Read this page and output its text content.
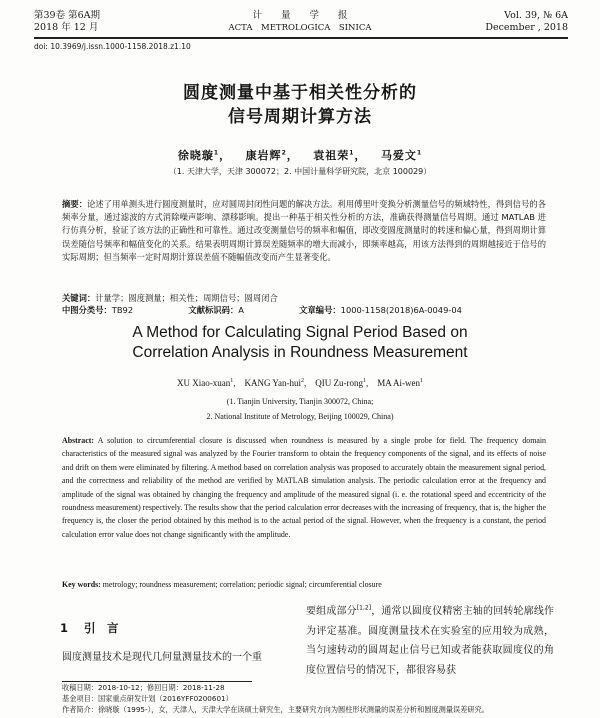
第39卷 第6A期
2018 年 12 月
计　　量　　学　　报
ACTA　METROLOGICA　SINICA
Vol. 39, № 6A
December , 2018
doi: 10.3969/j.issn.1000-1158.2018.z1.10
圆度测量中基于相关性分析的
信号周期计算方法
徐晓璇$^1$， 康岩辉$^2$， 袁祖荣$^1$， 马爱文$^1$
（1. 天津大学，天津 300072；2. 中国计量科学研究院，北京 100029）
摘要：论述了用单测头进行圆度测量时，应对圆周封闭性问题的解决方法。利用傅里叶变换分析测量信号的频域特性，得到信号的各频率分量，通过滤波的方式消除噪声影响、漂移影响。提出一种基于相关性分析的方法，准确获得测量信号周期。通过 MATLAB 进行仿真分析，验证了该方法的正确性和可靠性。通过改变测量信号的频率和幅值，即改变圆度测量时的转速和偏心量，得到周期计算误差随信号频率和幅值变化的关系。结果表明周期计算误差随频率的增大而减小，即频率越高，用该方法得到的周期越接近于信号的实际周期；但当频率一定时周期计算误差值不随幅值改变而产生显著变化。
关键词：计量学；圆度测量；相关性；周期信号；圆周闭合
中图分类号：TB92	文献标识码：A	文章编号：1000-1158(2018)6A-0049-04
A Method for Calculating Signal Period Based on
Correlation Analysis in Roundness Measurement
XU Xiao-xuan$^1$, KANG Yan-hui$^2$, QIU Zu-rong$^1$, MA Ai-wen$^1$
(1. Tianjin University, Tianjin 300072, China;
2. National Institute of Metrology, Beijing 100029, China)
Abstract: A solution to circumferential closure is discussed when roundness is measured by a single probe for field. The frequency domain characteristics of the measured signal was analyzed by the Fourier transform to obtain the frequency components of the signal, and its effects of noise and drift on them were eliminated by filtering. A method based on correlation analysis was proposed to accurately obtain the measurement signal period, and the correctness and reliability of the method are verified by MATLAB simulation analysis. The periodic calculation error at the frequency and amplitude of the signal was obtained by changing the frequency and amplitude of the measured signal (i. e. the rotational speed and eccentricity of the roundness measurement) respectively. The results show that the period calculation error decreases with the increasing of frequency, that is, the higher the frequency is, the closer the period obtained by this method is to the actual period of the signal. However, when the frequency is a constant, the period calculation error value does not change significantly with the amplitude.
Key words: metrology; roundness measurement; correlation; periodic signal; circumferential closure
1 引　言
圆度测量技术是现代几何量测量技术的一个重
要组成部分[1,2]，通常以圆度仪精密主轴的回转轮廓线作为评定基准。圆度测量技术在实验室的应用较为成熟，当匀速转动的圆周起止信号已知或者能获取圆度仪的角度位置信号的情况下，都很容易获
收稿日期：2018-10-12；修回日期：2018-11-28
基金项目：国家重点研发计划（2016YFF0200601）
作者简介：徐晓璇（1995-），女，天津人，天津大学在读硕士研究生，主要研究方向为圆柱形状测量的误差分析和圆度测量误差研究。
